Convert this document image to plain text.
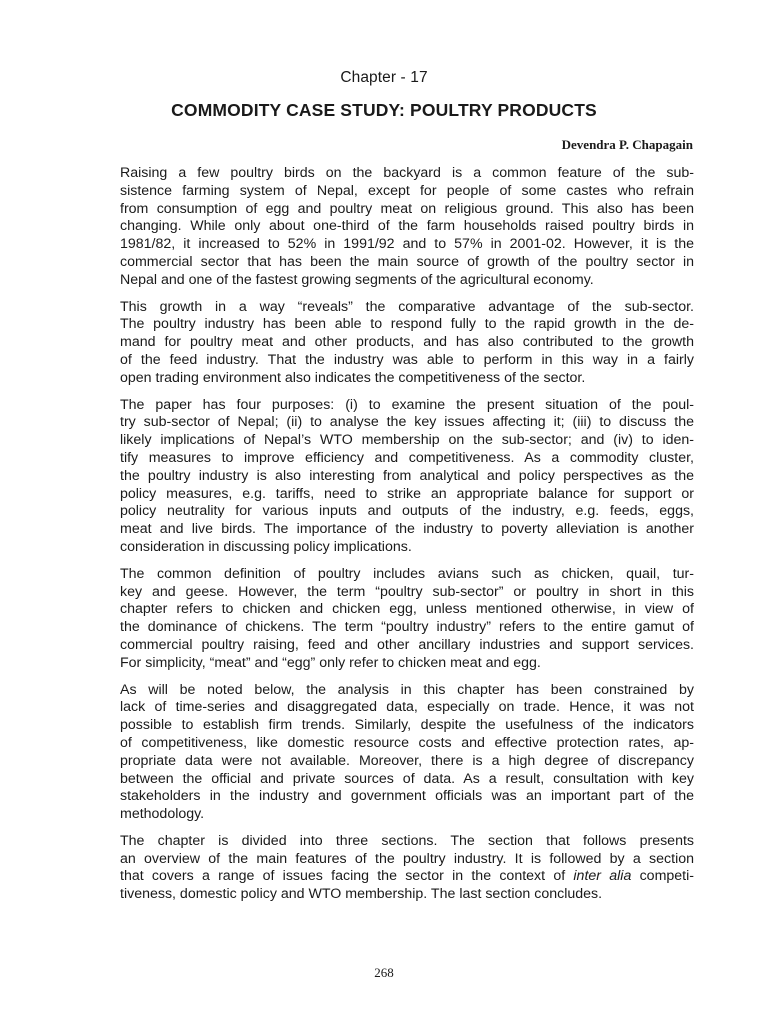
Chapter - 17
COMMODITY CASE STUDY: POULTRY PRODUCTS
Devendra P. Chapagain

Raising a few poultry birds on the backyard is a common feature of the sub-
sistence farming system of Nepal, except for people of some castes who refrain
from consumption of egg and poultry meat on religious ground. This also has been
changing. While only about one-third of the farm households raised poultry birds in
1981/82, it increased to 52% in 1991/92 and to 57% in 2001-02. However, it is the
commercial sector that has been the main source of growth of the poultry sector in
Nepal and one of the fastest growing segments of the agricultural economy.

This growth in a way “reveals” the comparative advantage of the sub-sector.
The poultry industry has been able to respond fully to the rapid growth in the de-
mand for poultry meat and other products, and has also contributed to the growth
of the feed industry. That the industry was able to perform in this way in a fairly
open trading environment also indicates the competitiveness of the sector.

The paper has four purposes: (i) to examine the present situation of the poul-
try sub-sector of Nepal; (ii) to analyse the key issues affecting it; (iii) to discuss the
likely implications of Nepal’s WTO membership on the sub-sector; and (iv) to iden-
tify measures to improve efficiency and competitiveness. As a commodity cluster,
the poultry industry is also interesting from analytical and policy perspectives as the
policy measures, e.g. tariffs, need to strike an appropriate balance for support or
policy neutrality for various inputs and outputs of the industry, e.g. feeds, eggs,
meat and live birds. The importance of the industry to poverty alleviation is another
consideration in discussing policy implications.

The common definition of poultry includes avians such as chicken, quail, tur-
key and geese. However, the term “poultry sub-sector” or poultry in short in this
chapter refers to chicken and chicken egg, unless mentioned otherwise, in view of
the dominance of chickens. The term “poultry industry” refers to the entire gamut of
commercial poultry raising, feed and other ancillary industries and support services.
For simplicity, “meat” and “egg” only refer to chicken meat and egg.

As will be noted below, the analysis in this chapter has been constrained by
lack of time-series and disaggregated data, especially on trade. Hence, it was not
possible to establish firm trends. Similarly, despite the usefulness of the indicators
of competitiveness, like domestic resource costs and effective protection rates, ap-
propriate data were not available. Moreover, there is a high degree of discrepancy
between the official and private sources of data. As a result, consultation with key
stakeholders in the industry and government officials was an important part of the
methodology.

The chapter is divided into three sections. The section that follows presents
an overview of the main features of the poultry industry. It is followed by a section
that covers a range of issues facing the sector in the context of inter alia competi-
tiveness, domestic policy and WTO membership. The last section concludes.

268
